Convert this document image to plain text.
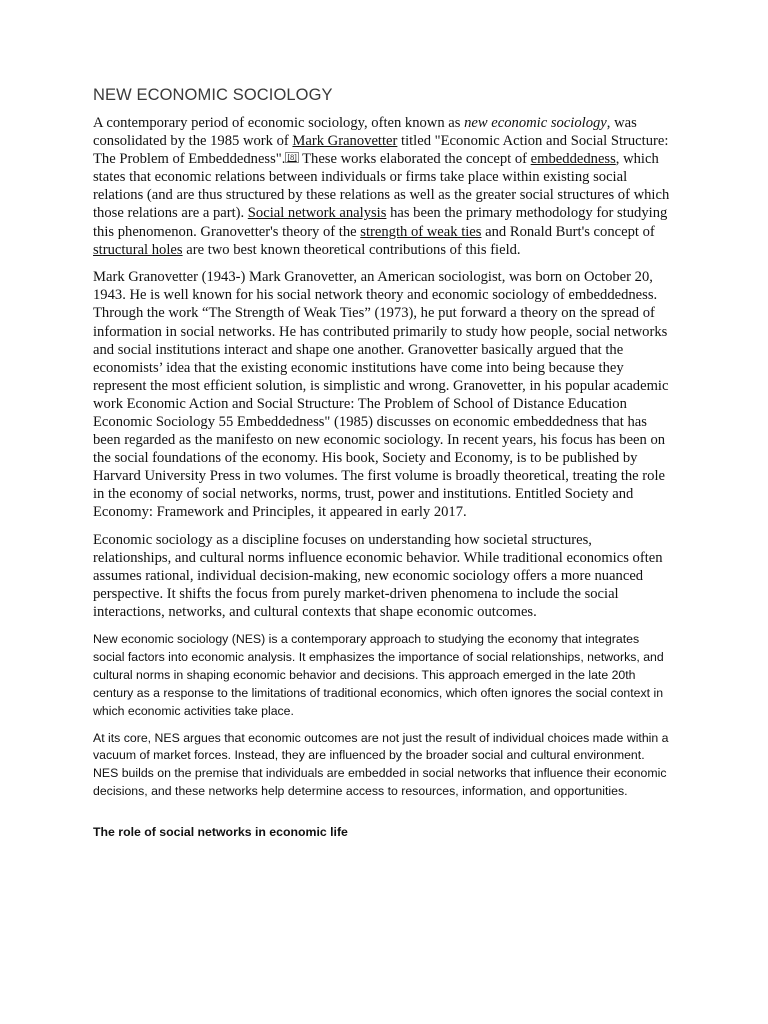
NEW ECONOMIC SOCIOLOGY

A contemporary period of economic sociology, often known as new economic sociology, was consolidated by the 1985 work of Mark Granovetter titled "Economic Action and Social Structure: The Problem of Embeddedness". [8] These works elaborated the concept of embeddedness, which states that economic relations between individuals or firms take place within existing social relations (and are thus structured by these relations as well as the greater social structures of which those relations are a part). Social network analysis has been the primary methodology for studying this phenomenon. Granovetter's theory of the strength of weak ties and Ronald Burt's concept of structural holes are two best known theoretical contributions of this field.

Mark Granovetter (1943-) Mark Granovetter, an American sociologist, was born on October 20, 1943. He is well known for his social network theory and economic sociology of embeddedness. Through the work “The Strength of Weak Ties” (1973), he put forward a theory on the spread of information in social networks. He has contributed primarily to study how people, social networks and social institutions interact and shape one another. Granovetter basically argued that the economists’ idea that the existing economic institutions have come into being because they represent the most efficient solution, is simplistic and wrong. Granovetter, in his popular academic work Economic Action and Social Structure: The Problem of School of Distance Education Economic Sociology 55 Embeddedness" (1985) discusses on economic embeddedness that has been regarded as the manifesto on new economic sociology. In recent years, his focus has been on the social foundations of the economy. His book, Society and Economy, is to be published by Harvard University Press in two volumes. The first volume is broadly theoretical, treating the role in the economy of social networks, norms, trust, power and institutions. Entitled Society and Economy: Framework and Principles, it appeared in early 2017.

Economic sociology as a discipline focuses on understanding how societal structures, relationships, and cultural norms influence economic behavior. While traditional economics often assumes rational, individual decision-making, new economic sociology offers a more nuanced perspective. It shifts the focus from purely market-driven phenomena to include the social interactions, networks, and cultural contexts that shape economic outcomes.

New economic sociology (NES) is a contemporary approach to studying the economy that integrates social factors into economic analysis. It emphasizes the importance of social relationships, networks, and cultural norms in shaping economic behavior and decisions. This approach emerged in the late 20th century as a response to the limitations of traditional economics, which often ignores the social context in which economic activities take place.

At its core, NES argues that economic outcomes are not just the result of individual choices made within a vacuum of market forces. Instead, they are influenced by the broader social and cultural environment. NES builds on the premise that individuals are embedded in social networks that influence their economic decisions, and these networks help determine access to resources, information, and opportunities.

The role of social networks in economic life
